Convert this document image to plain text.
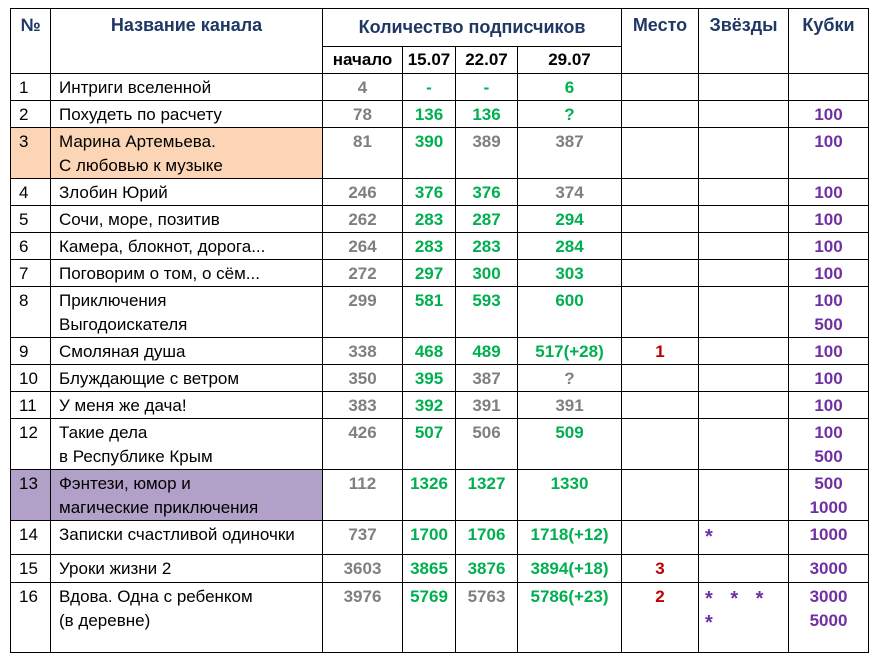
№	Название канала	Количество подписчиков				Место	Звёзды	Кубки
		начало	15.07	22.07	29.07			
1	Интриги вселенной	4	-	-	6			
2	Похудеть по расчету	78	136	136	?			100

3	Марина Артемьева.
С любовью к музыке	81	390	389	387			100

4	Злобин Юрий	246	376	376	374			100

5	Сочи, море, позитив	262	283	287	294			100

6	Камера, блокнот, дорога...	264	283	283	284			100

7	Поговорим о том, о сём...	272	297	300	303			100

8	Приключения
Выгодоискателя	299	581	593	600			100
500

9	Смоляная душа	338	468	489	517(+28)	1		100

10	Блуждающие с ветром	350	395	387	?			100

11	У меня же дача!	383	392	391	391			100

12	Такие дела
в Республике Крым	426	507	506	509			100
500

13	Фэнтези, юмор и
магические приключения	112	1326	1327	1330			500
1000

14	Записки счастливой одиночки	737	1700	1706	1718(+12)		*	1000

15	Уроки жизни 2	3603	3865	3876	3894(+18)	3		3000

16	Вдова. Одна с ребенком
(в деревне)	3976	5769	5763	5786(+23)	2	* * *
*	3000
5000
